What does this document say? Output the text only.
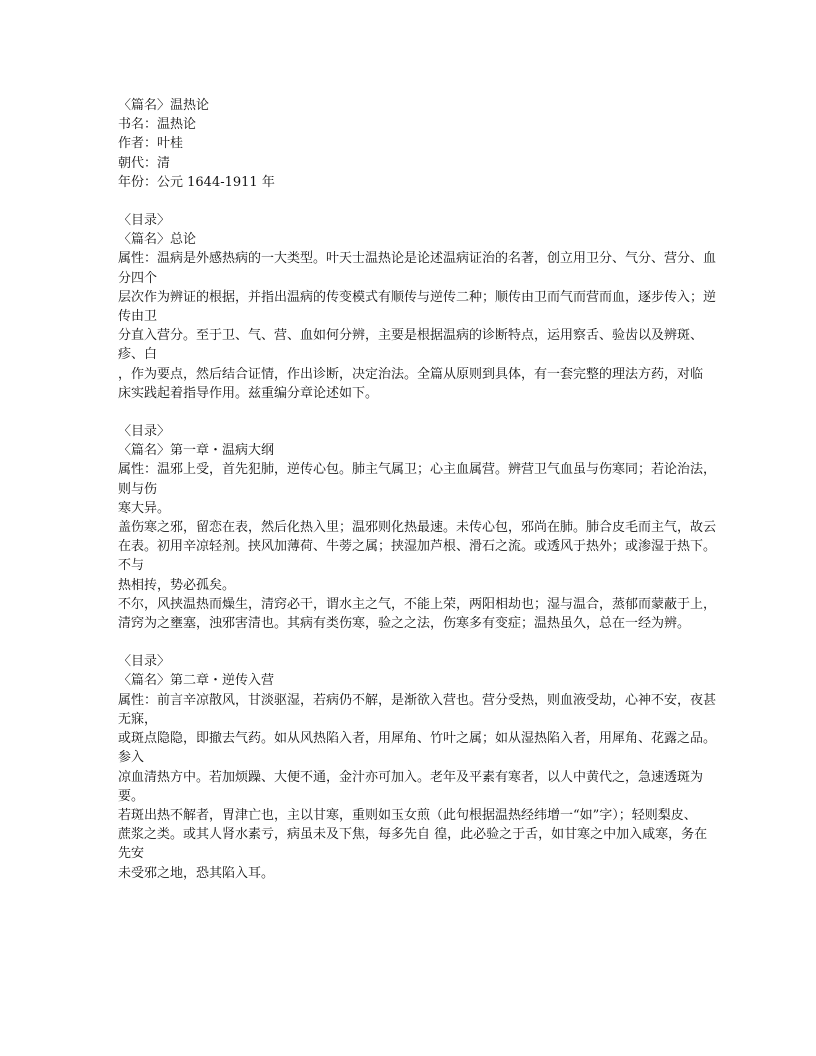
〈篇名〉温热论
书名：温热论
作者：叶桂
朝代：清
年份：公元 1644-1911 年
〈目录〉
〈篇名〉总论
属性：温病是外感热病的一大类型。叶天士温热论是论述温病证治的名著，创立用卫分、气分、营分、血分四个
层次作为辨证的根据，并指出温病的传变模式有顺传与逆传二种；顺传由卫而气而营而血，逐步传入；逆传由卫
分直入营分。至于卫、气、营、血如何分辨，主要是根据温病的诊断特点，运用察舌、验齿以及辨斑、疹、白
，作为要点，然后结合证情，作出诊断，决定治法。全篇从原则到具体，有一套完整的理法方药，对临
床实践起着指导作用。兹重编分章论述如下。
〈目录〉
〈篇名〉第一章・温病大纲
属性：温邪上受，首先犯肺，逆传心包。肺主气属卫；心主血属营。辨营卫气血虽与伤寒同；若论治法，则与伤
寒大异。
盖伤寒之邪，留恋在表，然后化热入里；温邪则化热最速。未传心包，邪尚在肺。肺合皮毛而主气，故云
在表。初用辛凉轻剂。挟风加薄荷、牛蒡之属；挟湿加芦根、滑石之流。或透风于热外；或渗湿于热下。不与
热相抟，势必孤矣。
不尔，风挟温热而燥生，清窍必干，谓水主之气，不能上荣，两阳相劫也；湿与温合，蒸郁而蒙蔽于上，
清窍为之壅塞，浊邪害清也。其病有类伤寒，验之之法，伤寒多有变症；温热虽久，总在一经为辨。
〈目录〉
〈篇名〉第二章・逆传入营
属性：前言辛凉散风，甘淡驱湿，若病仍不解，是渐欲入营也。营分受热，则血液受劫，心神不安，夜甚无寐，
或斑点隐隐，即撤去气药。如从风热陷入者，用犀角、竹叶之属；如从湿热陷入者，用犀角、花露之品。参入
凉血清热方中。若加烦躁、大便不通，金汁亦可加入。老年及平素有寒者，以人中黄代之，急速透斑为要。
若斑出热不解者，胃津亡也，主以甘寒，重则如玉女煎（此句根据温热经纬增一“如”字）；轻则梨皮、
蔗浆之类。或其人肾水素亏，病虽未及下焦，每多先自 徨，此必验之于舌，如甘寒之中加入咸寒，务在先安
未受邪之地，恐其陷入耳。
